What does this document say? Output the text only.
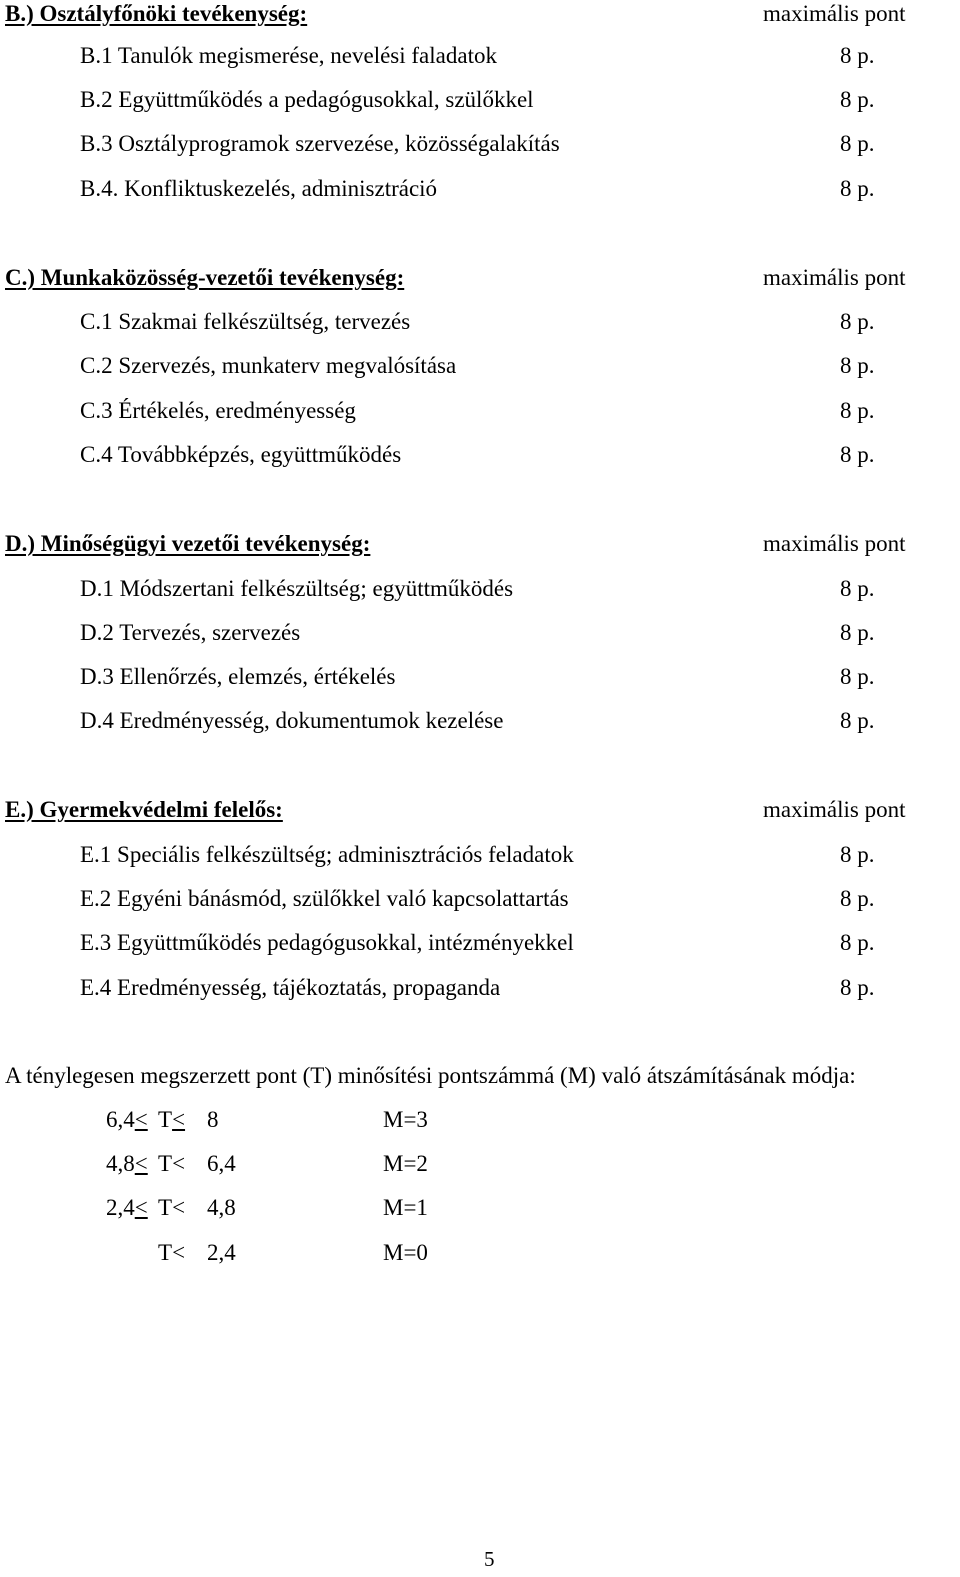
B.) Osztályfőnöki tevékenység:	maximális pont
B.1 Tanulók megismerése, nevelési faladatok	8 p.
B.2 Együttműködés a pedagógusokkal, szülőkkel	8 p.
B.3 Osztályprogramok szervezése, közösségalakítás	8 p.
B.4. Konfliktuskezelés, adminisztráció	8 p.
C.) Munkaközösség-vezetői tevékenység:	maximális pont
C.1 Szakmai felkészültség, tervezés	8 p.
C.2 Szervezés, munkaterv megvalósítása	8 p.
C.3 Értékelés, eredményesség	8 p.
C.4 Továbbképzés, együttműködés	8 p.
D.) Minőségügyi vezetői tevékenység:	maximális pont
D.1 Módszertani felkészültség; együttműködés	8 p.
D.2 Tervezés, szervezés	8 p.
D.3 Ellenőrzés, elemzés, értékelés	8 p.
D.4 Eredményesség, dokumentumok kezelése	8 p.
E.) Gyermekvédelmi felelős:	maximális pont
E.1 Speciális felkészültség; adminisztrációs feladatok	8 p.
E.2 Egyéni bánásmód, szülőkkel való kapcsolattartás	8 p.
E.3 Együttműködés pedagógusokkal, intézményekkel	8 p.
E.4 Eredményesség, tájékoztatás, propaganda	8 p.
A ténylegesen megszerzett pont (T) minősítési pontszámmá (M) való átszámításának módja:
6,4< T< 8	M=3
4,8< T< 6,4	M=2
2,4< T< 4,8	M=1
T< 2,4	M=0
5
